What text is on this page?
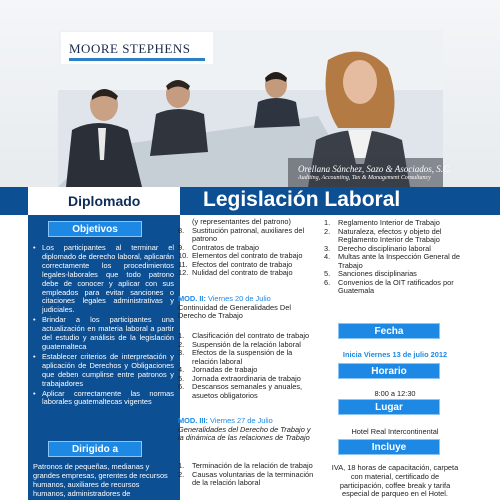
MOORE STEPHENS
Orellana Sánchez, Sazo & Asociados, S.C.
Auditing, Accounting, Tax & Management Consultancy
Diplomado	Legislación Laboral
Objetivos
• Los participantes al terminar el diplomado de derecho laboral, aplicarán correctamente los procedimientos legales-laborales que todo patrono debe de conocer y aplicar con sus empleados para evitar sanciones o citaciones legales administrativas y judiciales.
• Brindar a los participantes una actualización en materia laboral a partir del estudio y análisis de la legislación guatemalteca
• Establecer criterios de interpretación y aplicación de Derechos y Obligaciones que deben cumplirse entre patronos y trabajadores
• Aplicar correctamente las normas laborales guatemaltecas vigentes
Dirigido a
Patronos de pequeñas, medianas y grandes empresas, gerentes de recursos humanos, auxiliares de recursos humanos, administradores de
(y representantes del patrono)
8. Sustitución patronal, auxiliares del patrono
9. Contratos de trabajo
10. Elementos del contrato de trabajo
11. Efectos del contrato de trabajo
12. Nulidad del contrato de trabajo
MOD. II: Viernes 20 de Julio
Continuidad de Generalidades Del Derecho de Trabajo
1. Clasificación del contrato de trabajo
2. Suspensión de la relación laboral
3. Efectos de la suspensión de la relación laboral
4. Jornadas de trabajo
5. Jornada extraordinaria de trabajo
6. Descansos semanales y anuales, asuetos obligatorios
MOD. III: Viernes 27 de Julio
Generalidades del Derecho de Trabajo y la dinámica de las relaciones de Trabajo
1. Terminación de la relación de trabajo
2. Causas voluntarias de la terminación de la relación laboral
1. Reglamento Interior de Trabajo
2. Naturaleza, efectos y objeto del Reglamento Interior de Trabajo
3. Derecho disciplinario laboral
4. Multas ante la Inspección General de Trabajo
5. Sanciones disciplinarias
6. Convenios de la OIT ratificados por Guatemala
Fecha
Inicia Viernes 13 de julio 2012
Horario
8:00 a 12:30
Lugar
Hotel Real Intercontinental
Incluye
IVA, 18 horas de capacitación, carpeta con material, certificado de participación, coffee break y tarifa especial de parqueo en el Hotel.
